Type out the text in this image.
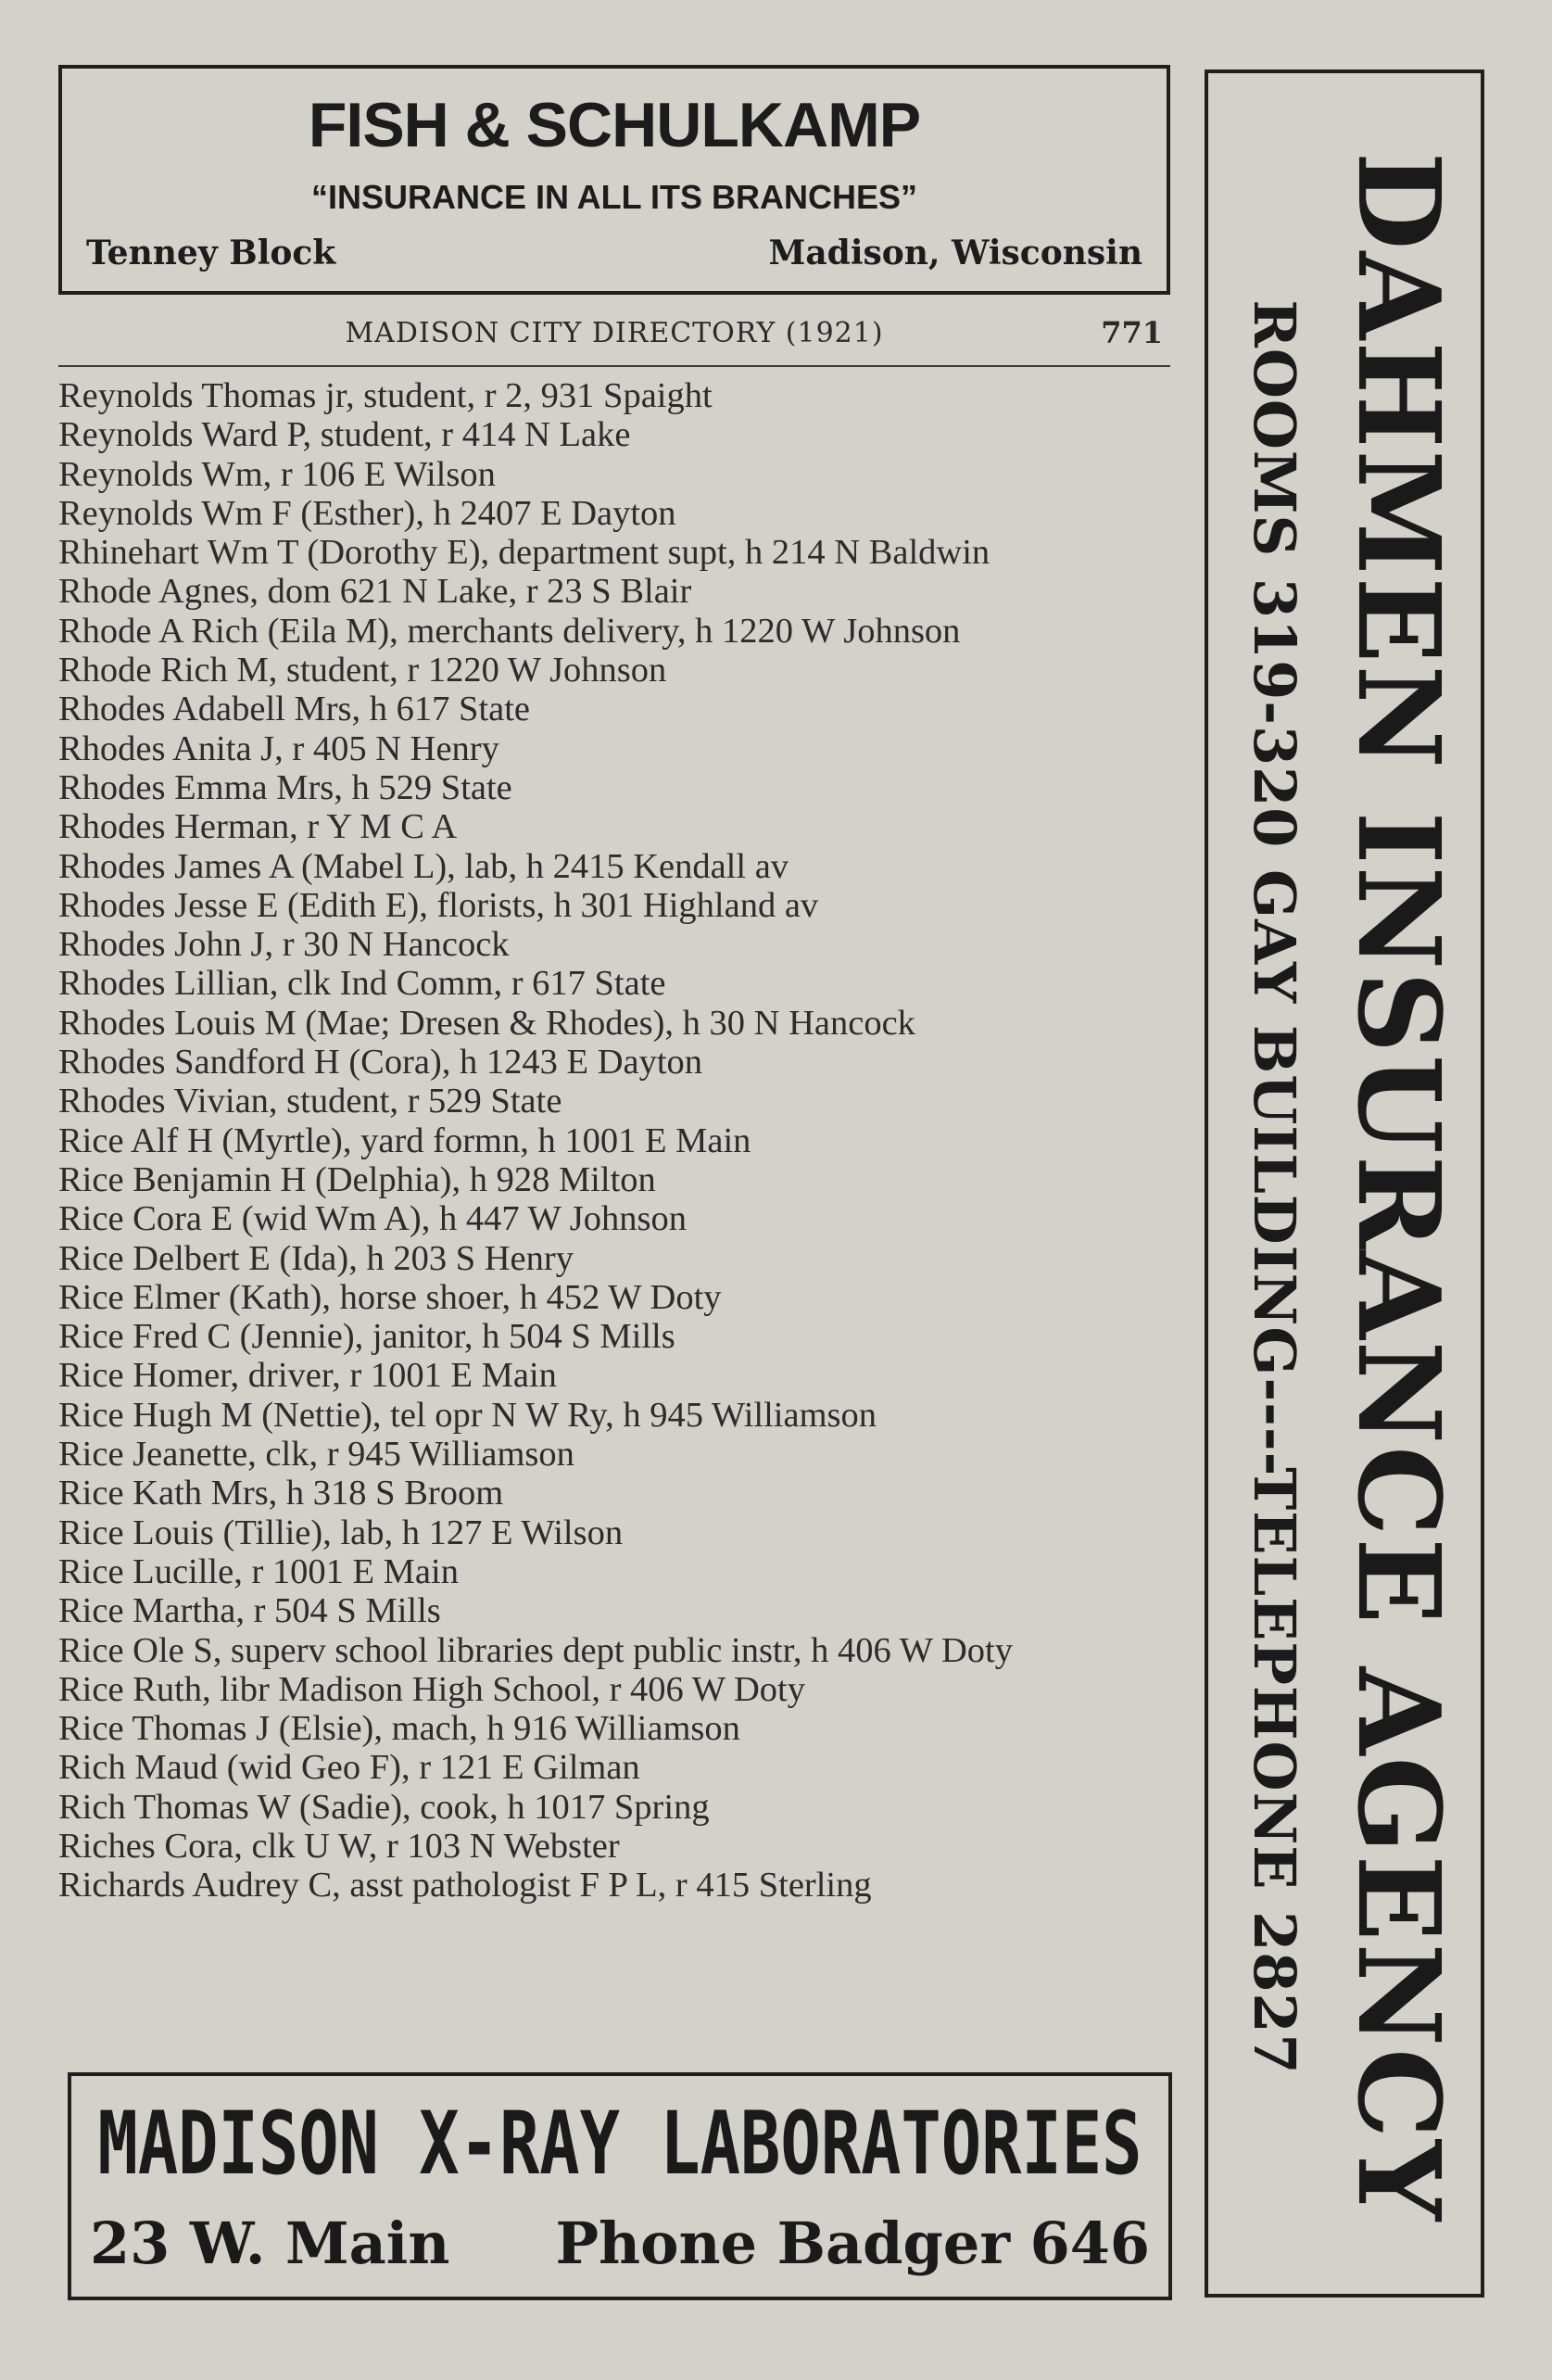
FISH & SCHULKAMP
“INSURANCE IN ALL ITS BRANCHES”
Tenney Block	Madison, Wisconsin
MADISON CITY DIRECTORY (1921)	771
Reynolds Thomas jr, student, r 2, 931 Spaight
Reynolds Ward P, student, r 414 N Lake
Reynolds Wm, r 106 E Wilson
Reynolds Wm F (Esther), h 2407 E Dayton
Rhinehart Wm T (Dorothy E), department supt, h 214 N Baldwin
Rhode Agnes, dom 621 N Lake, r 23 S Blair
Rhode A Rich (Eila M), merchants delivery, h 1220 W Johnson
Rhode Rich M, student, r 1220 W Johnson
Rhodes Adabell Mrs, h 617 State
Rhodes Anita J, r 405 N Henry
Rhodes Emma Mrs, h 529 State
Rhodes Herman, r Y M C A
Rhodes James A (Mabel L), lab, h 2415 Kendall av
Rhodes Jesse E (Edith E), florists, h 301 Highland av
Rhodes John J, r 30 N Hancock
Rhodes Lillian, clk Ind Comm, r 617 State
Rhodes Louis M (Mae; Dresen & Rhodes), h 30 N Hancock
Rhodes Sandford H (Cora), h 1243 E Dayton
Rhodes Vivian, student, r 529 State
Rice Alf H (Myrtle), yard formn, h 1001 E Main
Rice Benjamin H (Delphia), h 928 Milton
Rice Cora E (wid Wm A), h 447 W Johnson
Rice Delbert E (Ida), h 203 S Henry
Rice Elmer (Kath), horse shoer, h 452 W Doty
Rice Fred C (Jennie), janitor, h 504 S Mills
Rice Homer, driver, r 1001 E Main
Rice Hugh M (Nettie), tel opr N W Ry, h 945 Williamson
Rice Jeanette, clk, r 945 Williamson
Rice Kath Mrs, h 318 S Broom
Rice Louis (Tillie), lab, h 127 E Wilson
Rice Lucille, r 1001 E Main
Rice Martha, r 504 S Mills
Rice Ole S, superv school libraries dept public instr, h 406 W Doty
Rice Ruth, libr Madison High School, r 406 W Doty
Rice Thomas J (Elsie), mach, h 916 Williamson
Rich Maud (wid Geo F), r 121 E Gilman
Rich Thomas W (Sadie), cook, h 1017 Spring
Riches Cora, clk U W, r 103 N Webster
Richards Audrey C, asst pathologist F P L, r 415 Sterling
MADISON X-RAY LABORATORIES
23 W. Main Phone Badger 646
DAHMEN INSURANCE AGENCY
ROOMS 319-320 GAY BUILDING----TELEPHONE 2827
